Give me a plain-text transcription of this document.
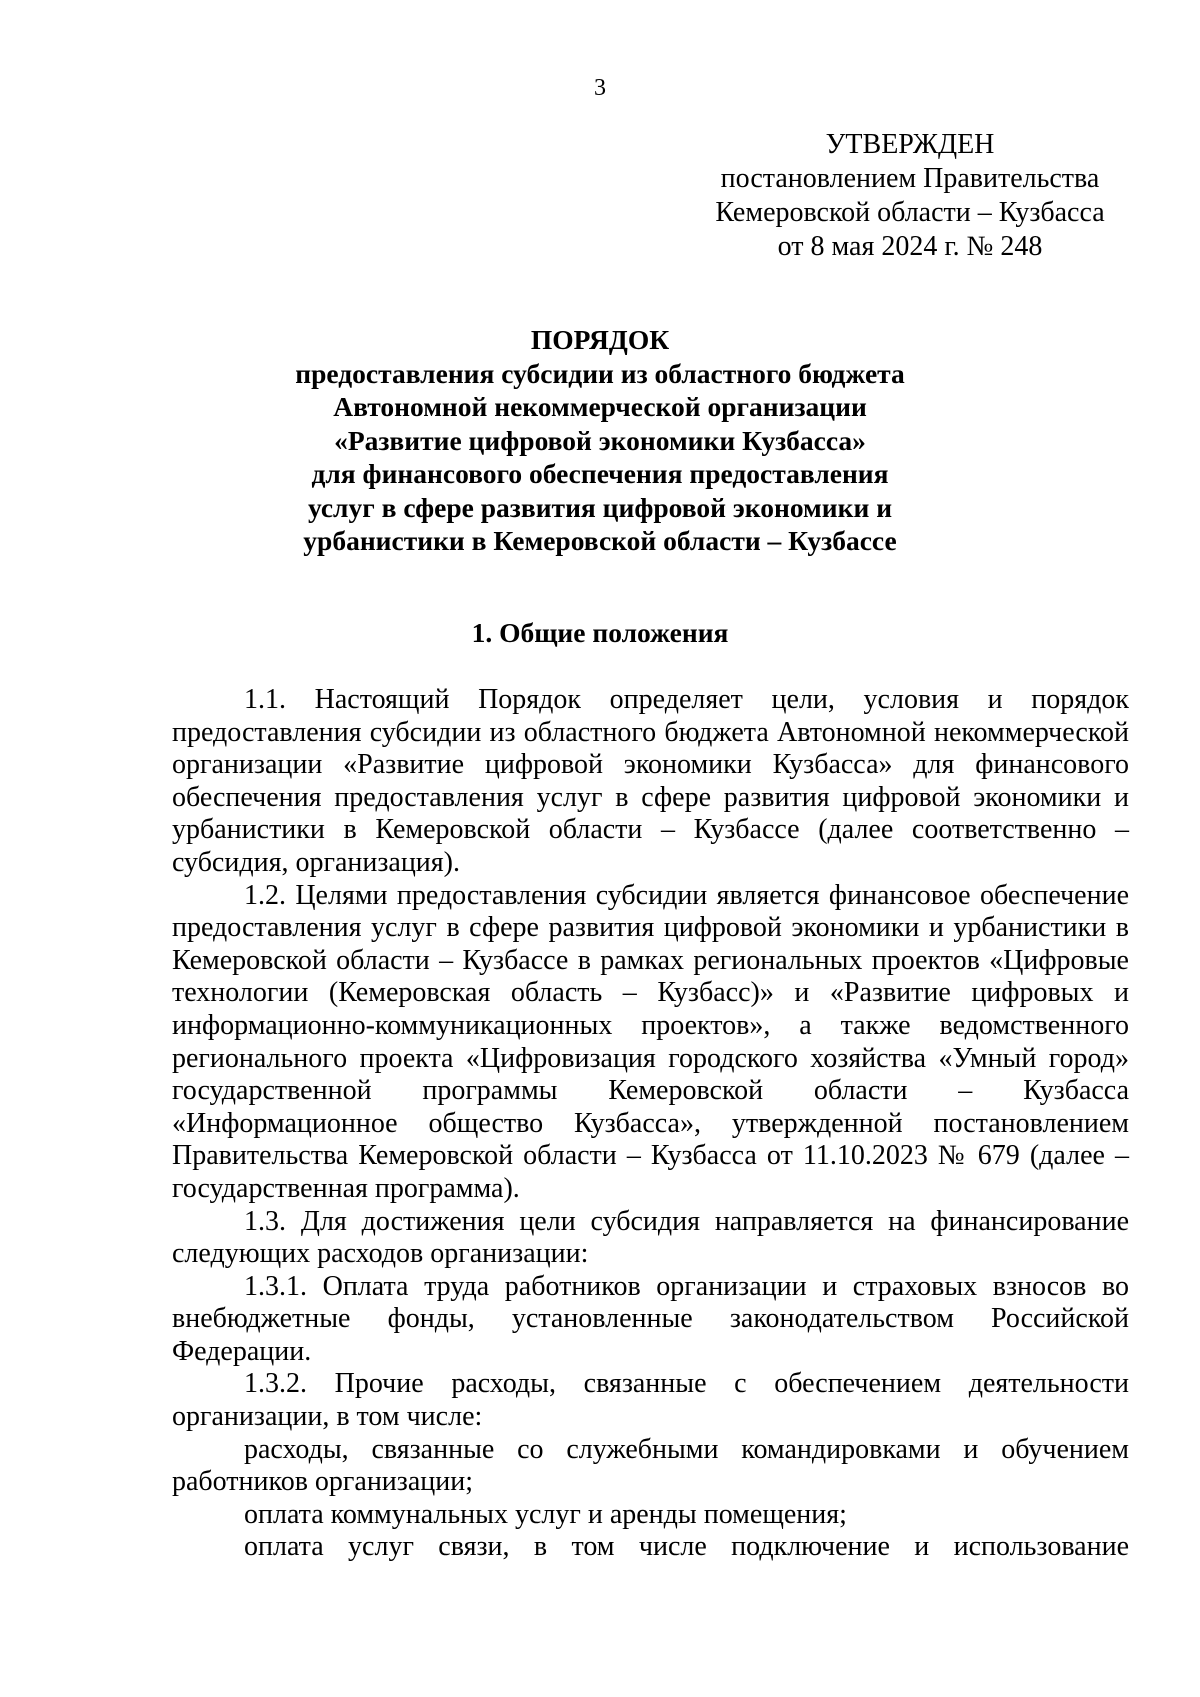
3
УТВЕРЖДЕН
постановлением Правительства
Кемеровской области – Кузбасса
от 8 мая 2024 г. № 248
ПОРЯДОК
предоставления субсидии из областного бюджета
Автономной некоммерческой организации
«Развитие цифровой экономики Кузбасса»
для финансового обеспечения предоставления
услуг в сфере развития цифровой экономики и
урбанистики в Кемеровской области – Кузбассе
1. Общие положения

1.1. Настоящий Порядок определяет цели, условия и порядок предоставления субсидии из областного бюджета Автономной некоммерческой организации «Развитие цифровой экономики Кузбасса» для финансового обеспечения предоставления услуг в сфере развития цифровой экономики и урбанистики в Кемеровской области – Кузбассе (далее соответственно – субсидия, организация).

1.2. Целями предоставления субсидии является финансовое обеспечение предоставления услуг в сфере развития цифровой экономики и урбанистики в Кемеровской области – Кузбассе в рамках региональных проектов «Цифровые технологии (Кемеровская область – Кузбасс)» и «Развитие цифровых и информационно-коммуникационных проектов», а также ведомственного регионального проекта «Цифровизация городского хозяйства «Умный город» государственной программы Кемеровской области – Кузбасса «Информационное общество Кузбасса», утвержденной постановлением Правительства Кемеровской области – Кузбасса от 11.10.2023 № 679 (далее – государственная программа).

1.3. Для достижения цели субсидия направляется на финансирование следующих расходов организации:

1.3.1. Оплата труда работников организации и страховых взносов во внебюджетные фонды, установленные законодательством Российской Федерации.

1.3.2. Прочие расходы, связанные с обеспечением деятельности организации, в том числе:

расходы, связанные со служебными командировками и обучением работников организации;

оплата коммунальных услуг и аренды помещения;

оплата услуг связи, в том числе подключение и использование
